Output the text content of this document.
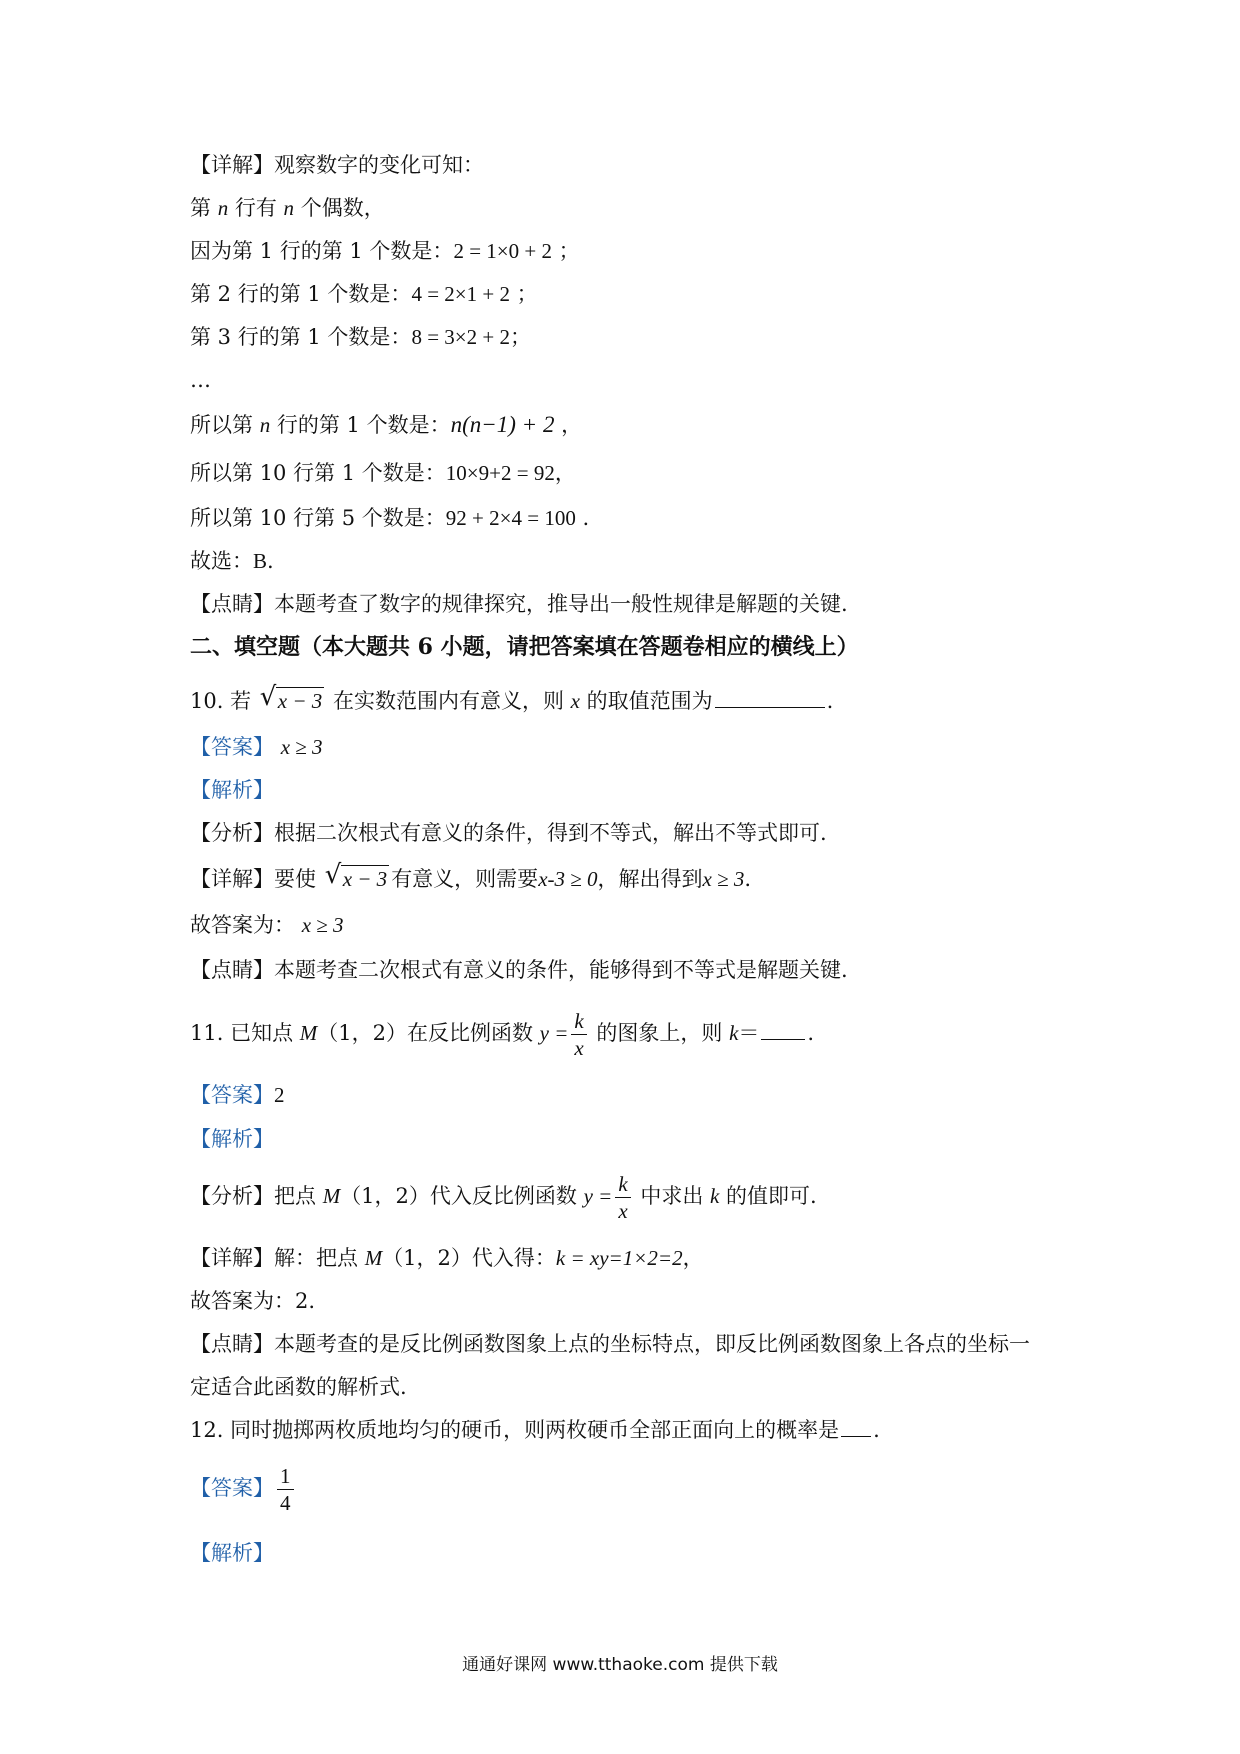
【详解】观察数字的变化可知：
第 n 行有 n 个偶数，
因为第 1 行的第 1 个数是：2 = 1×0 + 2 ；
第 2 行的第 1 个数是：4 = 2×1 + 2 ；
第 3 行的第 1 个数是：8 = 3×2 + 2；
…
所以第 n 行的第 1 个数是：n(n−1) + 2 ，
所以第 10 行第 1 个数是：10×9+2 = 92，
所以第 10 行第 5 个数是：92 + 2×4 = 100 .
故选：B.
【点睛】本题考查了数字的规律探究，推导出一般性规律是解题的关键.
二、填空题（本大题共 6 小题，请把答案填在答题卷相应的横线上）
10. 若 √ x − 3 在实数范围内有意义，则 x 的取值范围为	.
【答案】 x ≥ 3
【解析】
【分析】根据二次根式有意义的条件，得到不等式，解出不等式即可.
【详解】要使 √ x − 3 有意义，则需要x-3 ≥ 0，解出得到x ≥ 3.
故答案为： x ≥ 3
【点睛】本题考查二次根式有意义的条件，能够得到不等式是解题关键.
11. 已知点 M（1，2）在反比例函数 $y = \frac{k}{x}$ 的图象上，则 k＝ .
【答案】2
【解析】
【分析】把点 M（1，2）代入反比例函数 $y = \frac{k}{x}$ 中求出 k 的值即可.
【详解】解：把点 M（1，2）代入得：k = xy=1×2=2，
故答案为：2.
【点睛】本题考查的是反比例函数图象上点的坐标特点，即反比例函数图象上各点的坐标一
定适合此函数的解析式.
12. 同时抛掷两枚质地均匀的硬币，则两枚硬币全部正面向上的概率是 .
【答案】 $\frac{1}{4}$
【解析】
通通好课网 www.tthaoke.com 提供下载
